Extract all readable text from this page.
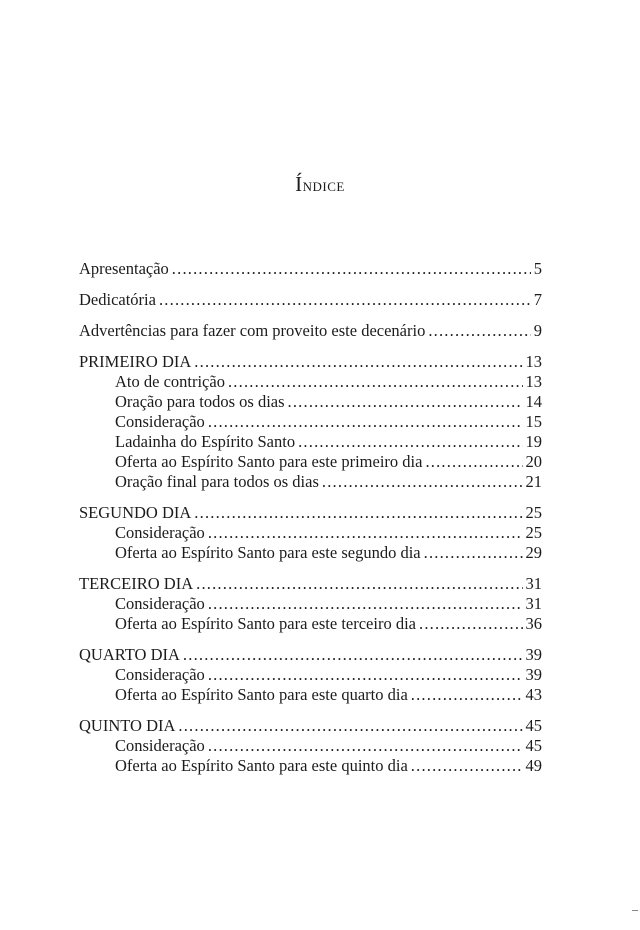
Índice
Apresentação .....	5
Dedicatória .....	7
Advertências para fazer com proveito este decenário .....	9
PRIMEIRO DIA .....	13
Ato de contrição .....	13
Oração para todos os dias .....	14
Consideração .....	15
Ladainha do Espírito Santo .....	19
Oferta ao Espírito Santo para este primeiro dia .....	20
Oração final para todos os dias .....	21
SEGUNDO DIA .....	25
Consideração .....	25
Oferta ao Espírito Santo para este segundo dia .....	29
TERCEIRO DIA .....	31
Consideração .....	31
Oferta ao Espírito Santo para este terceiro dia .....	36
QUARTO DIA .....	39
Consideração .....	39
Oferta ao Espírito Santo para este quarto dia .....	43
QUINTO DIA .....	45
Consideração .....	45
Oferta ao Espírito Santo para este quinto dia .....	49
